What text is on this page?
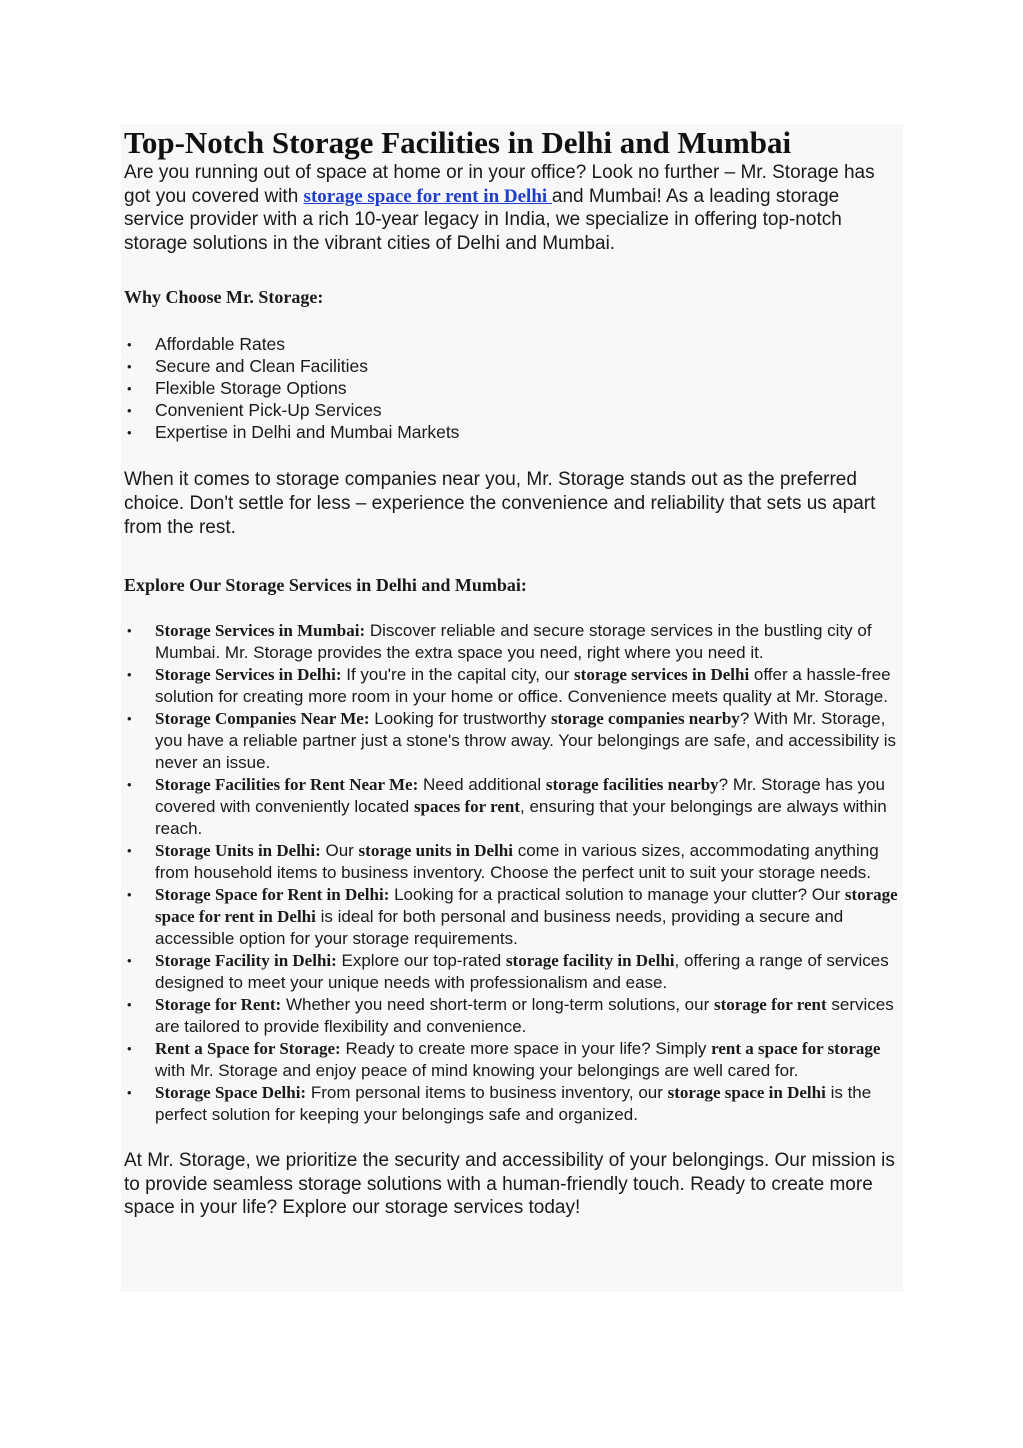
Top-Notch Storage Facilities in Delhi and Mumbai

Are you running out of space at home or in your office? Look no further – Mr. Storage has got you covered with storage space for rent in Delhi and Mumbai! As a leading storage service provider with a rich 10-year legacy in India, we specialize in offering top-notch storage solutions in the vibrant cities of Delhi and Mumbai.

Why Choose Mr. Storage:
• Affordable Rates
• Secure and Clean Facilities
• Flexible Storage Options
• Convenient Pick-Up Services
• Expertise in Delhi and Mumbai Markets

When it comes to storage companies near you, Mr. Storage stands out as the preferred choice. Don't settle for less – experience the convenience and reliability that sets us apart from the rest.

Explore Our Storage Services in Delhi and Mumbai:
• Storage Services in Mumbai: Discover reliable and secure storage services in the bustling city of Mumbai. Mr. Storage provides the extra space you need, right where you need it.
• Storage Services in Delhi: If you're in the capital city, our storage services in Delhi offer a hassle-free solution for creating more room in your home or office. Convenience meets quality at Mr. Storage.
• Storage Companies Near Me: Looking for trustworthy storage companies nearby? With Mr. Storage, you have a reliable partner just a stone's throw away. Your belongings are safe, and accessibility is never an issue.
• Storage Facilities for Rent Near Me: Need additional storage facilities nearby? Mr. Storage has you covered with conveniently located spaces for rent, ensuring that your belongings are always within reach.
• Storage Units in Delhi: Our storage units in Delhi come in various sizes, accommodating anything from household items to business inventory. Choose the perfect unit to suit your storage needs.
• Storage Space for Rent in Delhi: Looking for a practical solution to manage your clutter? Our storage space for rent in Delhi is ideal for both personal and business needs, providing a secure and accessible option for your storage requirements.
• Storage Facility in Delhi: Explore our top-rated storage facility in Delhi, offering a range of services designed to meet your unique needs with professionalism and ease.
• Storage for Rent: Whether you need short-term or long-term solutions, our storage for rent services are tailored to provide flexibility and convenience.
• Rent a Space for Storage: Ready to create more space in your life? Simply rent a space for storage with Mr. Storage and enjoy peace of mind knowing your belongings are well cared for.
• Storage Space Delhi: From personal items to business inventory, our storage space in Delhi is the perfect solution for keeping your belongings safe and organized.

At Mr. Storage, we prioritize the security and accessibility of your belongings. Our mission is to provide seamless storage solutions with a human-friendly touch. Ready to create more space in your life? Explore our storage services today!
